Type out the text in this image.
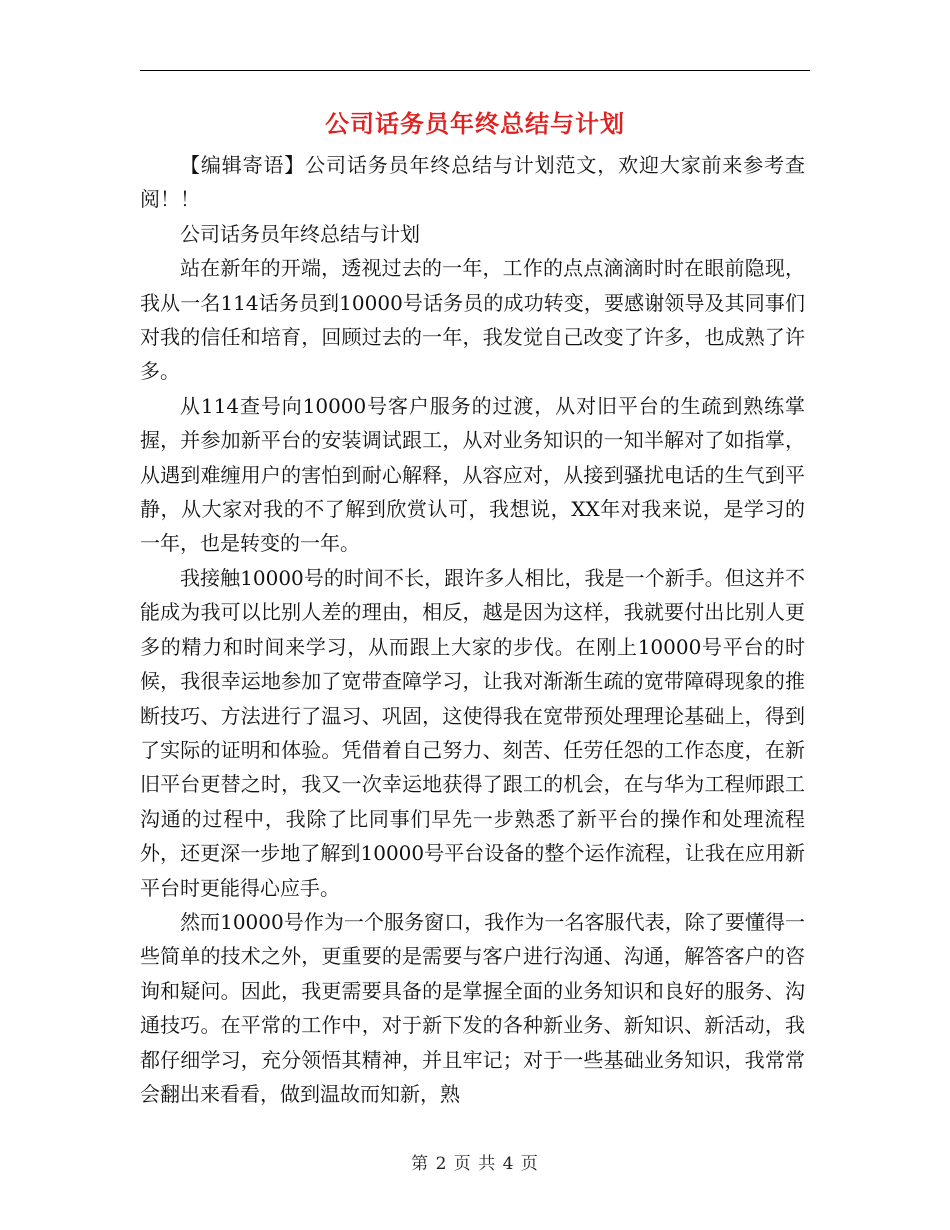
公司话务员年终总结与计划

【编辑寄语】公司话务员年终总结与计划范文，欢迎大家前来参考查阅！！

公司话务员年终总结与计划

站在新年的开端，透视过去的一年，工作的点点滴滴时时在眼前隐现，我从一名114话务员到10000号话务员的成功转变，要感谢领导及其同事们对我的信任和培育，回顾过去的一年，我发觉自己改变了许多，也成熟了许多。

从114查号向10000号客户服务的过渡，从对旧平台的生疏到熟练掌握，并参加新平台的安装调试跟工，从对业务知识的一知半解对了如指掌，从遇到难缠用户的害怕到耐心解释，从容应对，从接到骚扰电话的生气到平静，从大家对我的不了解到欣赏认可，我想说，XX年对我来说，是学习的一年，也是转变的一年。

我接触10000号的时间不长，跟许多人相比，我是一个新手。但这并不能成为我可以比别人差的理由，相反，越是因为这样，我就要付出比别人更多的精力和时间来学习，从而跟上大家的步伐。在刚上10000号平台的时候，我很幸运地参加了宽带查障学习，让我对渐渐生疏的宽带障碍现象的推断技巧、方法进行了温习、巩固，这使得我在宽带预处理理论基础上，得到了实际的证明和体验。凭借着自己努力、刻苦、任劳任怨的工作态度，在新旧平台更替之时，我又一次幸运地获得了跟工的机会，在与华为工程师跟工沟通的过程中，我除了比同事们早先一步熟悉了新平台的操作和处理流程外，还更深一步地了解到10000号平台设备的整个运作流程，让我在应用新平台时更能得心应手。

然而10000号作为一个服务窗口，我作为一名客服代表，除了要懂得一些简单的技术之外，更重要的是需要与客户进行沟通、沟通，解答客户的咨询和疑问。因此，我更需要具备的是掌握全面的业务知识和良好的服务、沟通技巧。在平常的工作中，对于新下发的各种新业务、新知识、新活动，我都仔细学习，充分领悟其精神，并且牢记；对于一些基础业务知识，我常常会翻出来看看，做到温故而知新，熟

第 2 页 共 4 页
